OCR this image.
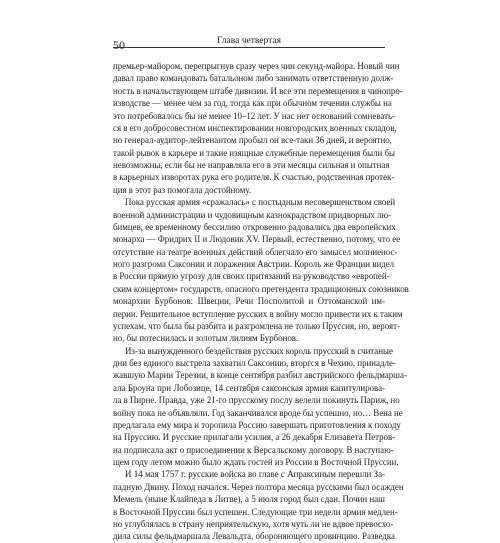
50	Глава четвертая
премьер-майором, перепрыгнув сразу через чин секунд-майора. Новый чин
давал право командовать батальоном либо занимать ответственную долж-
ность в начальствующем штабе дивизии. И все эти перемещения в чинопро-
изводстве — менее чем за год, тогда как при обычном течении службы на
это потребовалось бы не менее 10–12 лет. У нас нет оснований сомневать-
ся в его добросовестном инспектировании новгородских военных складов,
но генерал-аудитор-лейтенантом пробыл он все-таки 36 дней, и вероятно,
такой рывок в карьере и такие изящные служебные перемещения были бы
невозможны, если бы не направляла его в эти месяцы сильная и опытная
в карьерных изворотах рука его родителя. К счастью, родственная протек-
ция в этот раз помогала достойному.
Пока русская армия «сражалась» с постыдным несовершенством своей
военной администрации и чудовищным казнокрадством придворных лю-
бимцев, ее временному бессилию откровенно радовались два европейских
монарха — Фридрих II и Людовик XV. Первый, естественно, потому, что ее
отсутствие на театре военных действий облегчало его замысел молниенос-
ного разгрома Саксонии и поражения Австрии. Король же Франции видел
в России прямую угрозу для своих притязаний на руководство «европей-
ским концертом» государств, опасного претендента традиционных союзников
монархии Бурбонов: Швеции, Речи Посполитой и Оттоманской им-
перии. Решительное вступление русских в войну могло привести их к таким
успехам, что была бы разбита и разгромлена не только Пруссия, но, вероят-
но, бы потеснилась и золотым лилиям Бурбонов.
Из-за вынужденного бездействия русских король прусский в считаные
дни без единого выстрела захватил Саксонию, вторгся в Чехию, принадле-
жавшую Марии Терезии, в конце сентября разбил австрийского фельдмарша-
ала Броуна при Лобозице, 14 сентября саксонская армия капитулирова-
ла в Пирне. Правда, уже 21-го прусскому послу велели покинуть Париж, но
войну пока не объявляли. Год заканчивался вроде бы успешно, но… Вена не
предлагала ему мира и торопила Россию завершать приготовления к походу
на Пруссию. И русские прилагали усилия, а 26 декабря Елизавета Петров-
на подписала акт о присоединении к Версальскому договору. В наступаю-
щем году летом можно было ждать гостей из России в Восточной Пруссии.
И 14 мая 1757 г. русские войска во главе с Апраксиным перешли За-
падную Двину. Поход начался. Через полтора месяца русскими был осажден
Мемель (ныне Клайпеда в Литве), а 5 июля город был сдан. Почин наш
в Восточной Пруссии был успешен. Следующие три недели армия медлен-
но углублялась в страну неприятельскую, хотя чуть ли не вдвое превосхо-
дила силы фельдмаршала Левальдта, обороняющего провинцию. Разведка
